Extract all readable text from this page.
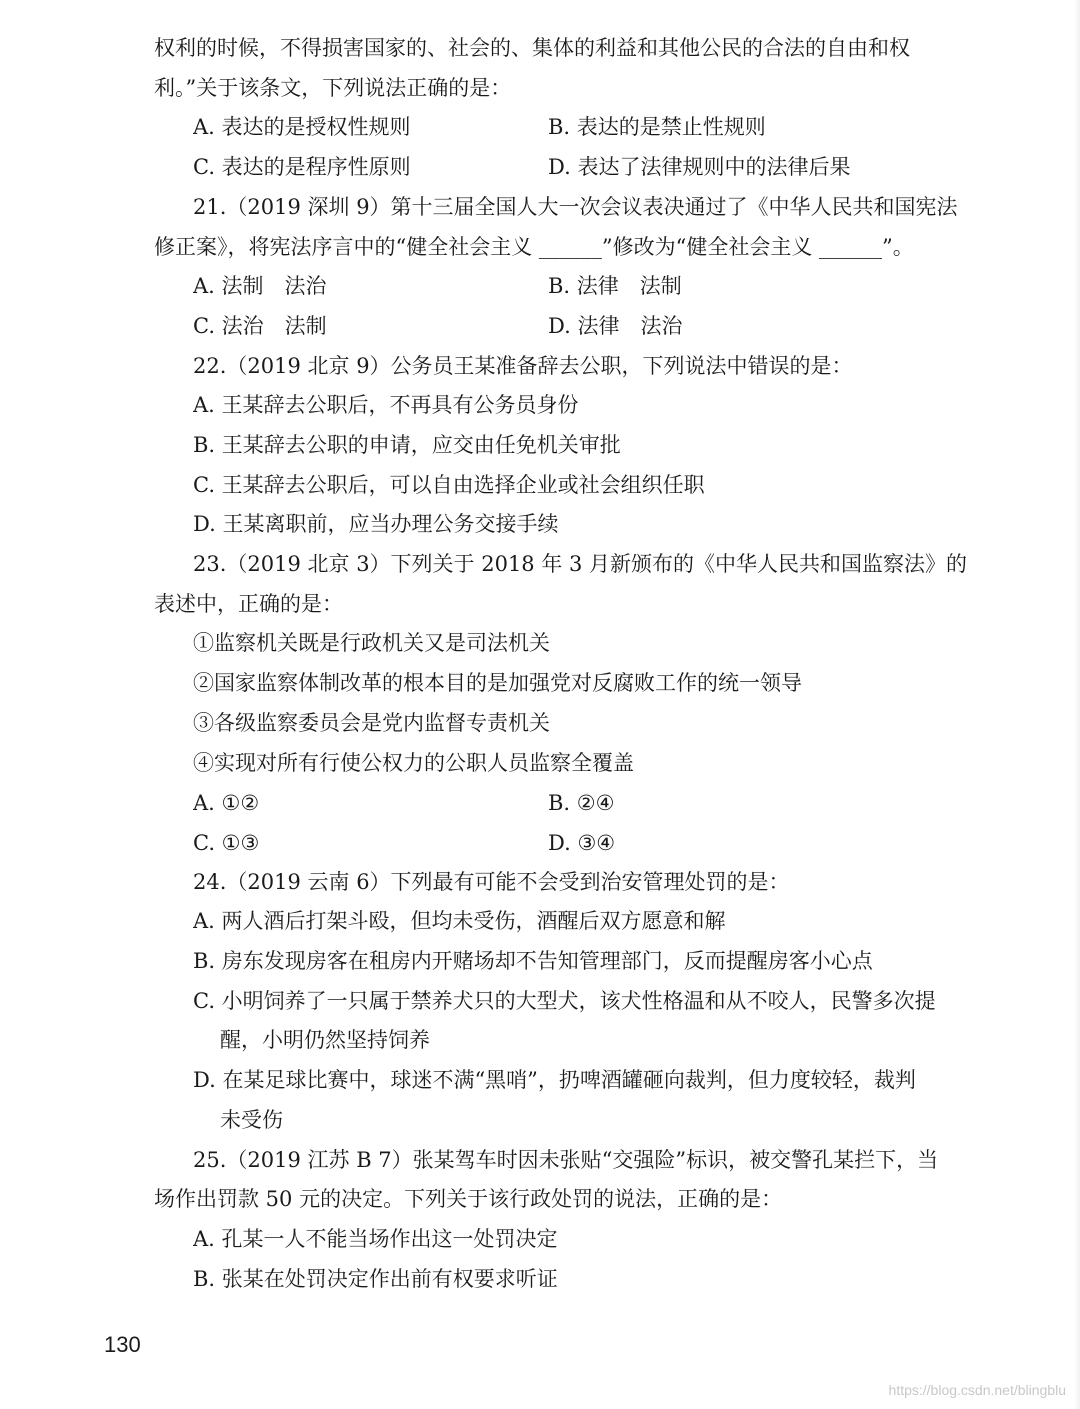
权利的时候，不得损害国家的、社会的、集体的利益和其他公民的合法的自由和权
利。”关于该条文，下列说法正确的是：
A. 表达的是授权性规则	B. 表达的是禁止性规则
C. 表达的是程序性原则	D. 表达了法律规则中的法律后果
21.（2019 深圳 9）第十三届全国人大一次会议表决通过了《中华人民共和国宪法
修正案》，将宪法序言中的“健全社会主义 ______”修改为“健全社会主义 ______”。
A. 法制　法治	B. 法律　法制
C. 法治　法制	D. 法律　法治
22.（2019 北京 9）公务员王某准备辞去公职，下列说法中错误的是：
A. 王某辞去公职后，不再具有公务员身份
B. 王某辞去公职的申请，应交由任免机关审批
C. 王某辞去公职后，可以自由选择企业或社会组织任职
D. 王某离职前，应当办理公务交接手续
23.（2019 北京 3）下列关于 2018 年 3 月新颁布的《中华人民共和国监察法》的
表述中，正确的是：
①监察机关既是行政机关又是司法机关
②国家监察体制改革的根本目的是加强党对反腐败工作的统一领导
③各级监察委员会是党内监督专责机关
④实现对所有行使公权力的公职人员监察全覆盖
A. ①②	B. ②④
C. ①③	D. ③④
24.（2019 云南 6）下列最有可能不会受到治安管理处罚的是：
A. 两人酒后打架斗殴，但均未受伤，酒醒后双方愿意和解
B. 房东发现房客在租房内开赌场却不告知管理部门，反而提醒房客小心点
C. 小明饲养了一只属于禁养犬只的大型犬，该犬性格温和从不咬人，民警多次提
醒，小明仍然坚持饲养
D. 在某足球比赛中，球迷不满“黑哨”，扔啤酒罐砸向裁判，但力度较轻，裁判
未受伤
25.（2019 江苏 B 7）张某驾车时因未张贴“交强险”标识，被交警孔某拦下，当
场作出罚款 50 元的决定。下列关于该行政处罚的说法，正确的是：
A. 孔某一人不能当场作出这一处罚决定
B. 张某在处罚决定作出前有权要求听证
130
https://blog.csdn.net/blingblu
